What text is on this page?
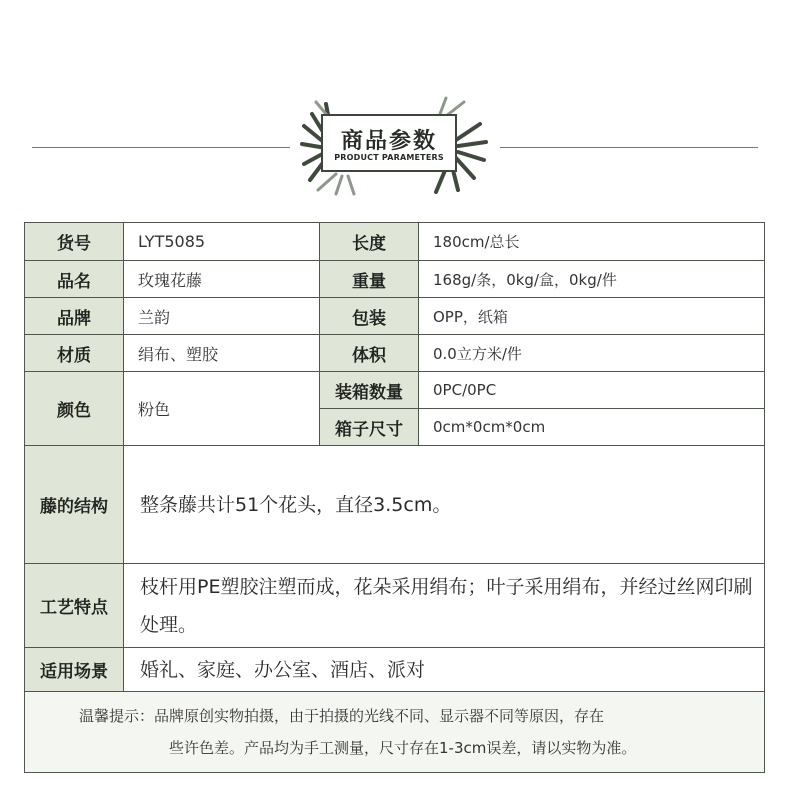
商品参数
PRODUCT PARAMETERS
货号	LYT5085	长度	180cm/总长
品名	玫瑰花藤	重量	168g/条，0kg/盒，0kg/件
品牌	兰韵	包装	OPP，纸箱
材质	绢布、塑胶	体积	0.0立方米/件
颜色	粉色	装箱数量	0PC/0PC
		箱子尺寸	0cm*0cm*0cm
藤的结构	整条藤共计51个花头，直径3.5cm。		
工艺特点	枝杆用PE塑胶注塑而成，花朵采用绢布；叶子采用绢布，并经过丝网印刷处理。		
适用场景	婚礼、家庭、办公室、酒店、派对		
温馨提示：品牌原创实物拍摄，由于拍摄的光线不同、显示器不同等原因，存在
些许色差。产品均为手工测量，尺寸存在1-3cm误差，请以实物为准。			
